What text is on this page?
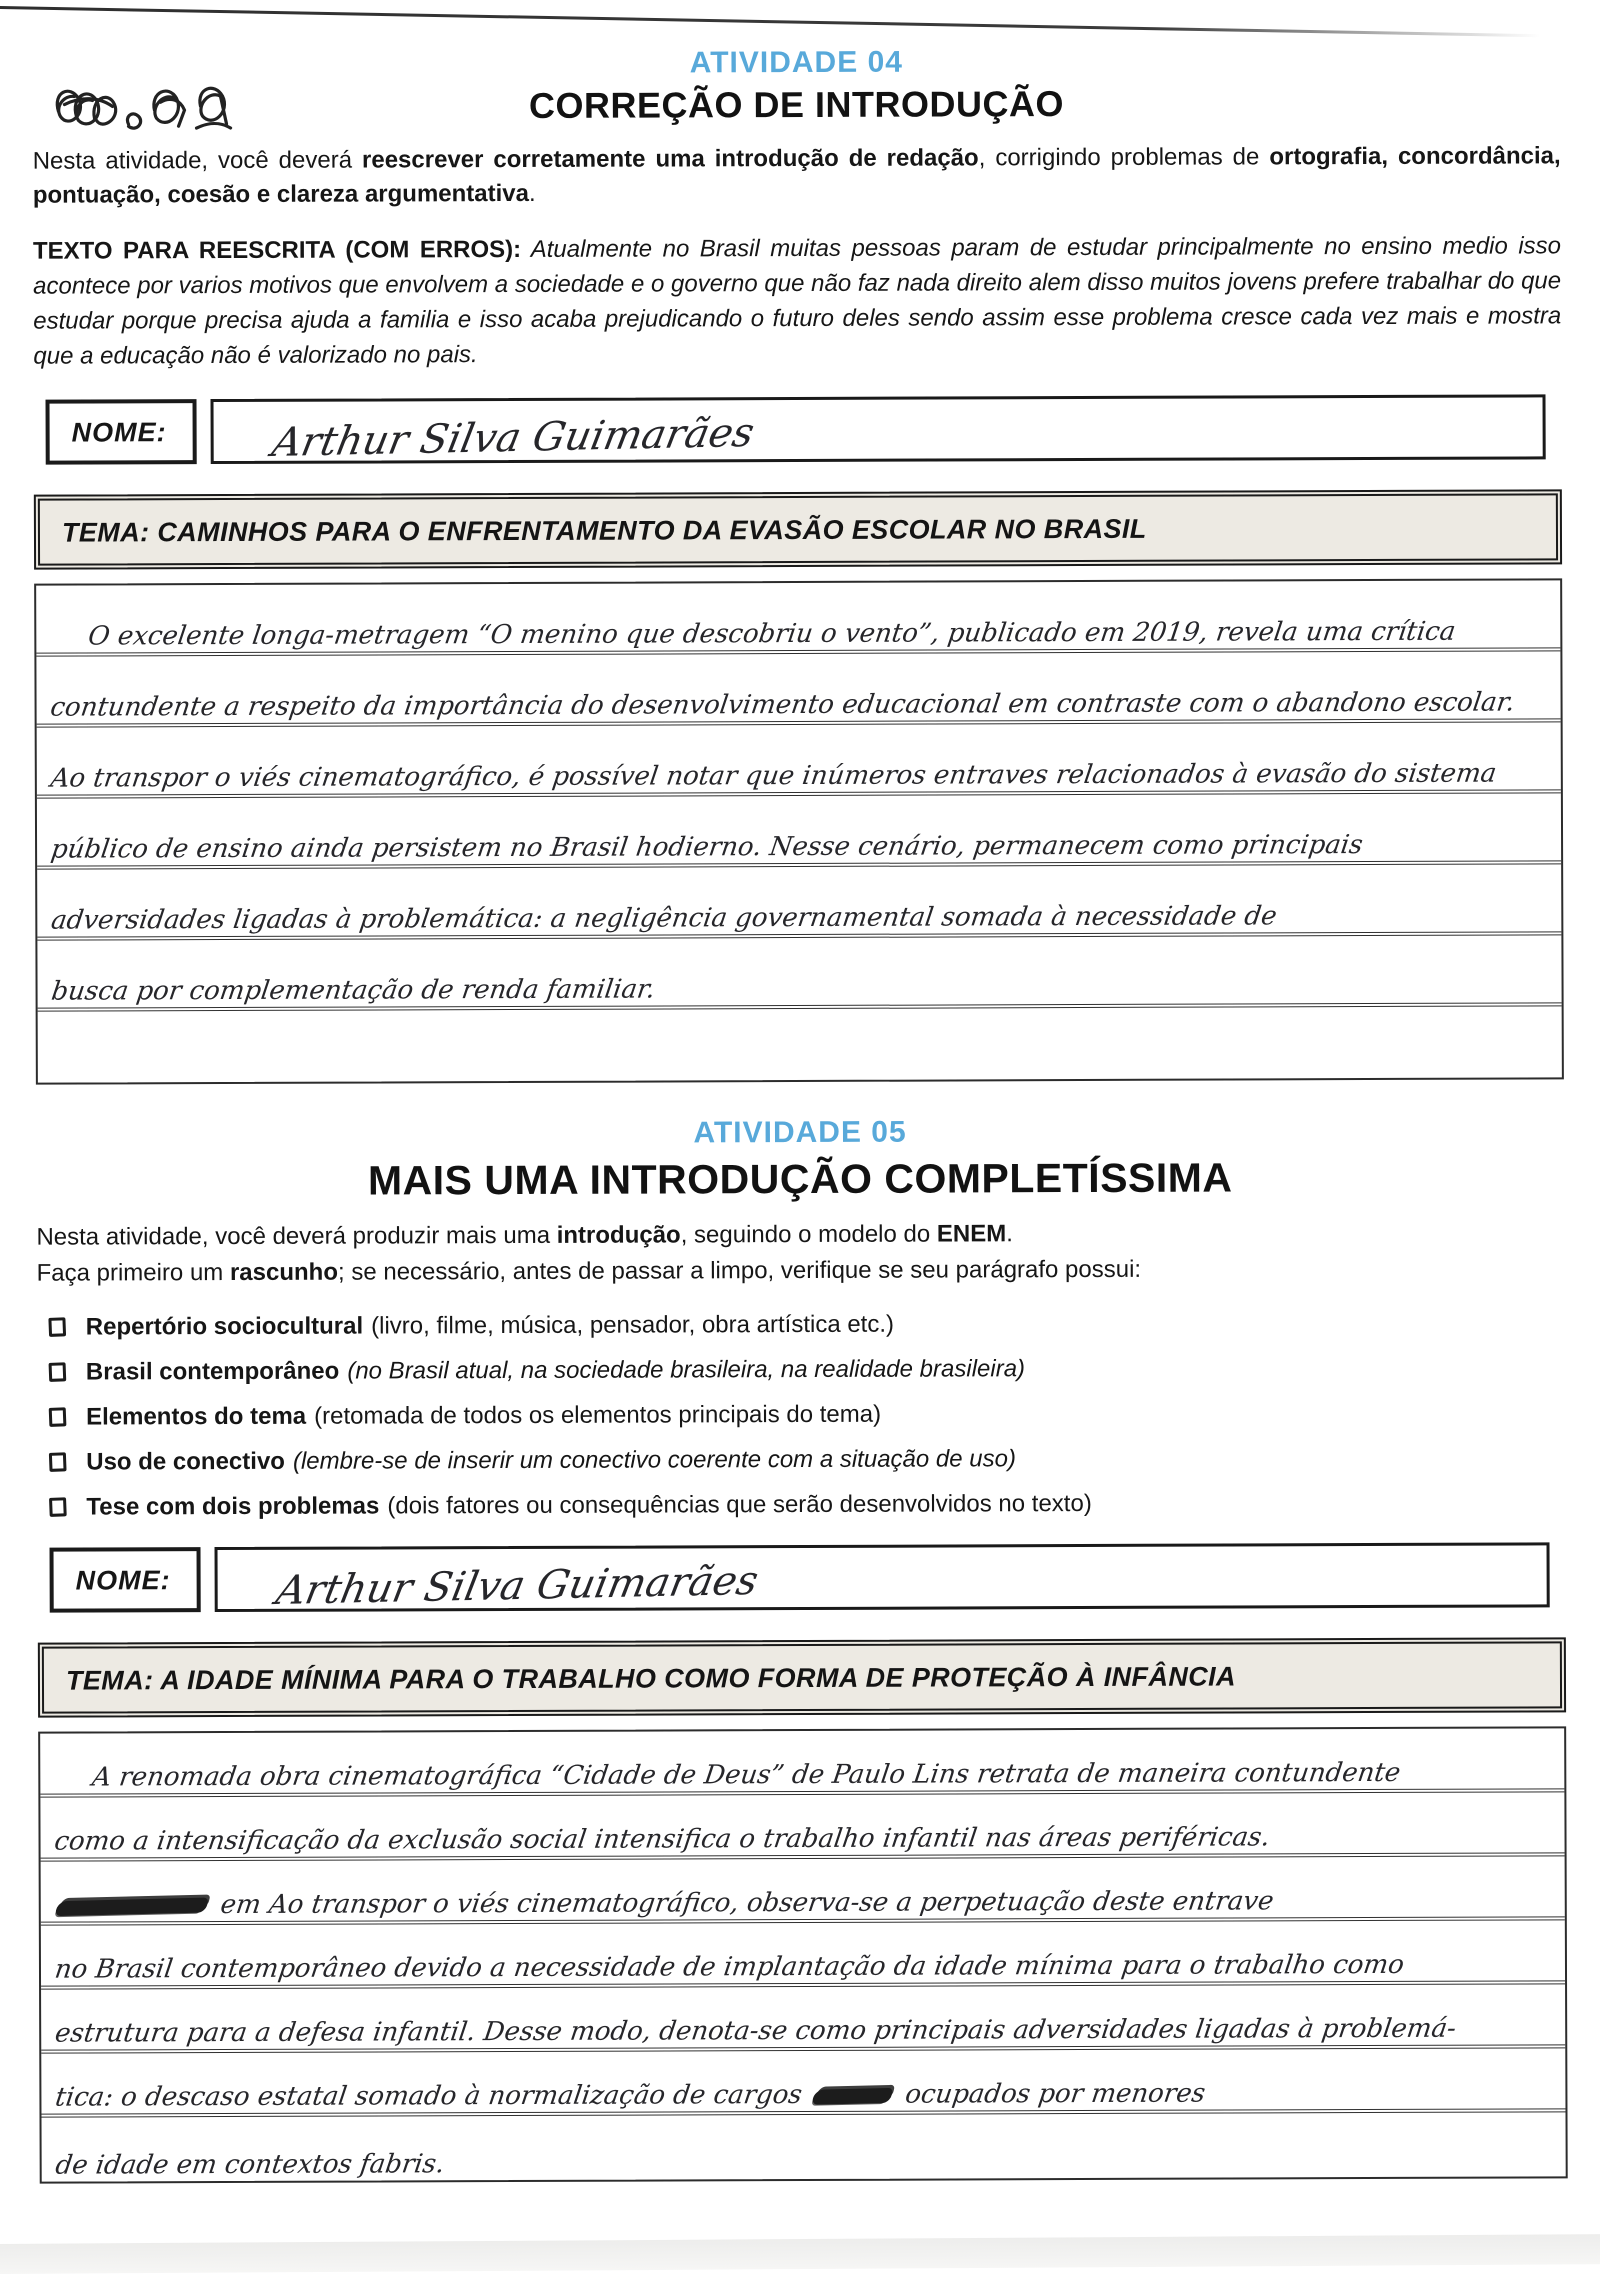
ATIVIDADE 04
CORREÇÃO DE INTRODUÇÃO

Nesta atividade, você deverá reescrever corretamente uma introdução de redação, corrigindo problemas de ortografia, concordância, pontuação, coesão e clareza argumentativa.

TEXTO PARA REESCRITA (COM ERROS): Atualmente no Brasil muitas pessoas param de estudar principalmente no ensino medio isso acontece por varios motivos que envolvem a sociedade e o governo que não faz nada direito alem disso muitos jovens prefere trabalhar do que estudar porque precisa ajuda a familia e isso acaba prejudicando o futuro deles sendo assim esse problema cresce cada vez mais e mostra que a educação não é valorizado no pais.

NOME:	Arthur Silva Guimarães
TEMA: CAMINHOS PARA O ENFRENTAMENTO DA EVASÃO ESCOLAR NO BRASIL
O excelente longa-metragem “O menino que descobriu o vento”, publicado em 2019, revela uma crítica
contundente a respeito da importância do desenvolvimento educacional em contraste com o abandono escolar.
Ao transpor o viés cinematográfico, é possível notar que inúmeros entraves relacionados à evasão do sistema
público de ensino ainda persistem no Brasil hodierno. Nesse cenário, permanecem como principais
adversidades ligadas à problemática: a negligência governamental somada à necessidade de
busca por complementação de renda familiar.
ATIVIDADE 05
MAIS UMA INTRODUÇÃO COMPLETÍSSIMA

Nesta atividade, você deverá produzir mais uma introdução, seguindo o modelo do ENEM.
Faça primeiro um rascunho; se necessário, antes de passar a limpo, verifique se seu parágrafo possui:

Repertório sociocultural (livro, filme, música, pensador, obra artística etc.)
Brasil contemporâneo (no Brasil atual, na sociedade brasileira, na realidade brasileira)
Elementos do tema (retomada de todos os elementos principais do tema)
Uso de conectivo (lembre-se de inserir um conectivo coerente com a situação de uso)
Tese com dois problemas (dois fatores ou consequências que serão desenvolvidos no texto)
NOME:	Arthur Silva Guimarães
TEMA: A IDADE MÍNIMA PARA O TRABALHO COMO FORMA DE PROTEÇÃO À INFÂNCIA
A renomada obra cinematográfica “Cidade de Deus” de Paulo Lins retrata de maneira contundente
como a intensificação da exclusão social intensifica o trabalho infantil nas áreas periféricas.
em Ao transpor o viés cinematográfico, observa-se a perpetuação deste entrave
no Brasil contemporâneo devido a necessidade de implantação da idade mínima para o trabalho como
estrutura para a defesa infantil. Desse modo, denota-se como principais adversidades ligadas à problemá-
tica: o descaso estatal somado à normalização de cargos	ocupados por menores
de idade em contextos fabris.
